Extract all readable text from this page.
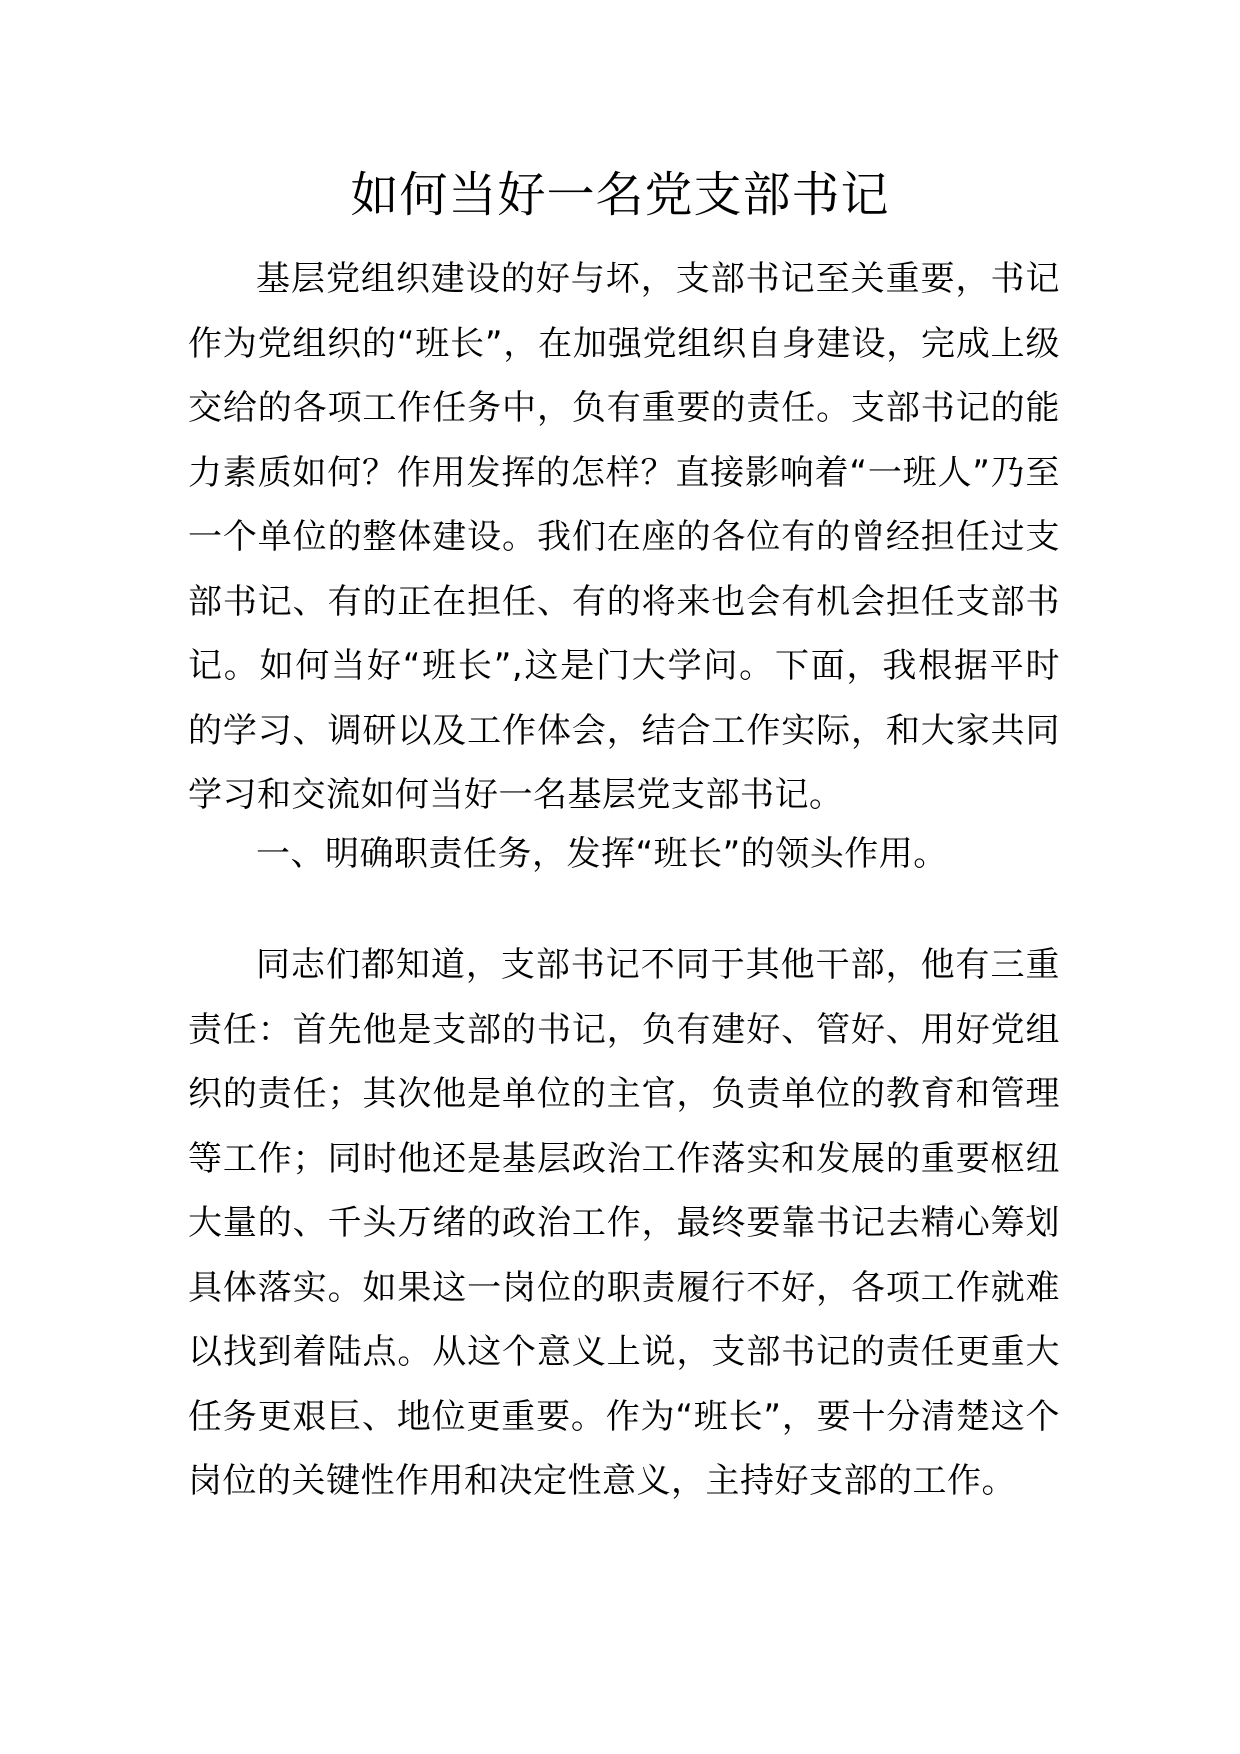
如何当好一名党支部书记

基层党组织建设的好与坏，支部书记至关重要，书记作为党组织的“班长”，在加强党组织自身建设，完成上级交给的各项工作任务中，负有重要的责任。支部书记的能力素质如何？作用发挥的怎样？直接影响着“一班人”乃至一个单位的整体建设。我们在座的各位有的曾经担任过支部书记、有的正在担任、有的将来也会有机会担任支部书记。如何当好“班长”,这是门大学问。下面，我根据平时的学习、调研以及工作体会，结合工作实际，和大家共同学习和交流如何当好一名基层党支部书记。

一、明确职责任务，发挥“班长”的领头作用。

同志们都知道，支部书记不同于其他干部，他有三重责任：首先他是支部的书记，负有建好、管好、用好党组织的责任；其次他是单位的主官，负责单位的教育和管理等工作；同时他还是基层政治工作落实和发展的重要枢纽大量的、千头万绪的政治工作，最终要靠书记去精心筹划具体落实。如果这一岗位的职责履行不好，各项工作就难以找到着陆点。从这个意义上说，支部书记的责任更重大任务更艰巨、地位更重要。作为“班长”，要十分清楚这个岗位的关键性作用和决定性意义，主持好支部的工作。
